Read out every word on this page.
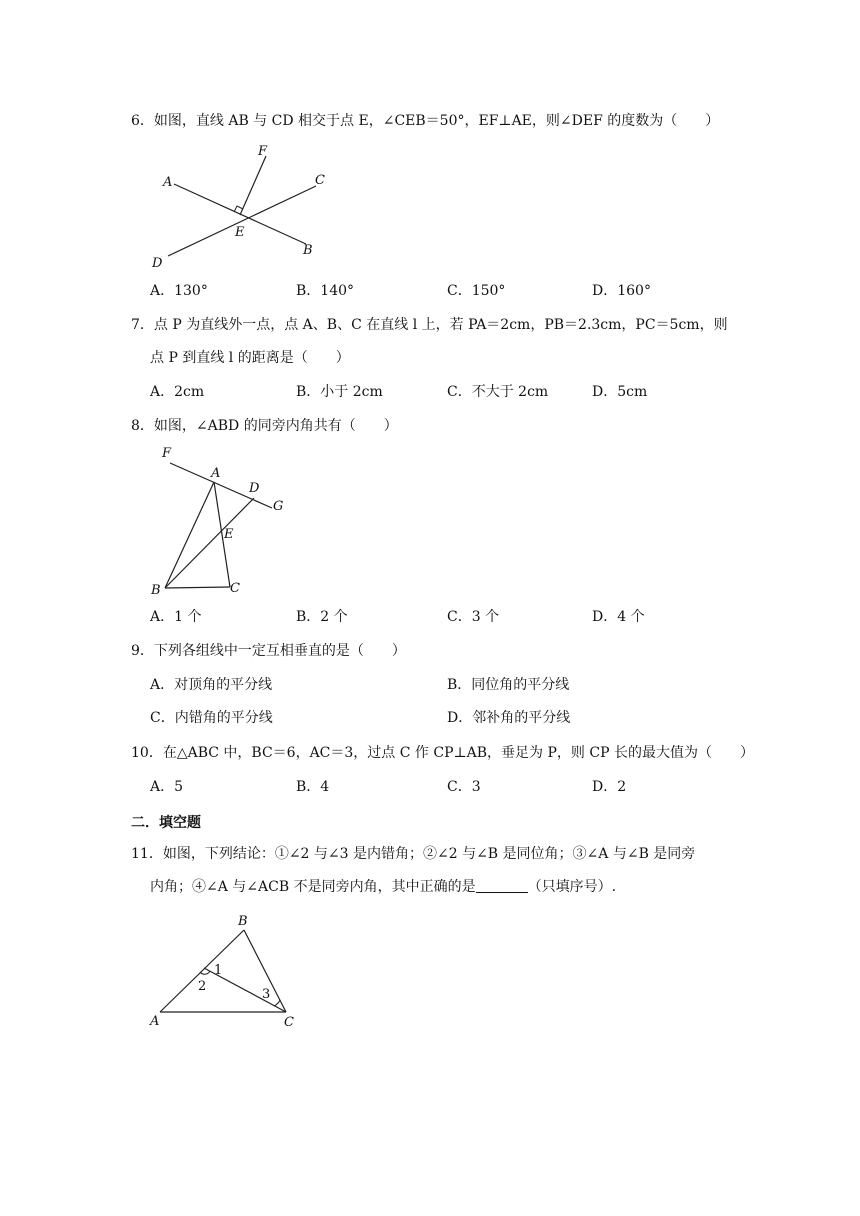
6．如图，直线 AB 与 CD 相交于点 E，∠CEB＝50°，EF⊥AE，则∠DEF 的度数为（　　）
F
A	C
E
B
D
A．130°	B．140°	C．150°	D．160°
7．点 P 为直线外一点，点 A、B、C 在直线 l 上，若 PA＝2cm，PB＝2.3cm，PC＝5cm，则
点 P 到直线 l 的距离是（　　）
A．2cm	B．小于 2cm	C．不大于 2cm	D．5cm
8．如图，∠ABD 的同旁内角共有（　　）
F
A
D
G
E
B	C
A．1 个	B．2 个	C．3 个	D．4 个
9．下列各组线中一定互相垂直的是（　　）
A．对顶角的平分线	B．同位角的平分线
C．内错角的平分线	D．邻补角的平分线
10．在△ABC 中，BC＝6，AC＝3，过点 C 作 CP⊥AB，垂足为 P，则 CP 长的最大值为（　　）
A．5	B．4	C．3	D．2
二．填空题
11．如图，下列结论：①∠2 与∠3 是内错角；②∠2 与∠B 是同位角；③∠A 与∠B 是同旁
内角；④∠A 与∠ACB 不是同旁内角，其中正确的是	（只填序号）.
B
A	C
1
2
3
